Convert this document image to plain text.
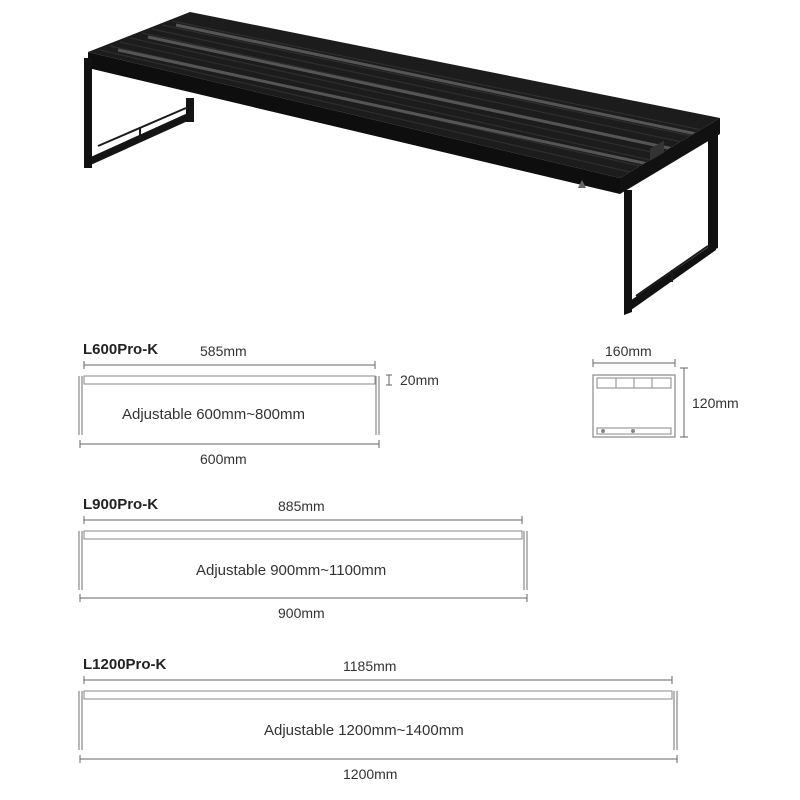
160mm
120mm
L600Pro-K	585mm
20mm
Adjustable 600mm~800mm
600mm
L900Pro-K	885mm
Adjustable 900mm~1100mm
900mm
L1200Pro-K	1185mm
Adjustable 1200mm~1400mm
1200mm
